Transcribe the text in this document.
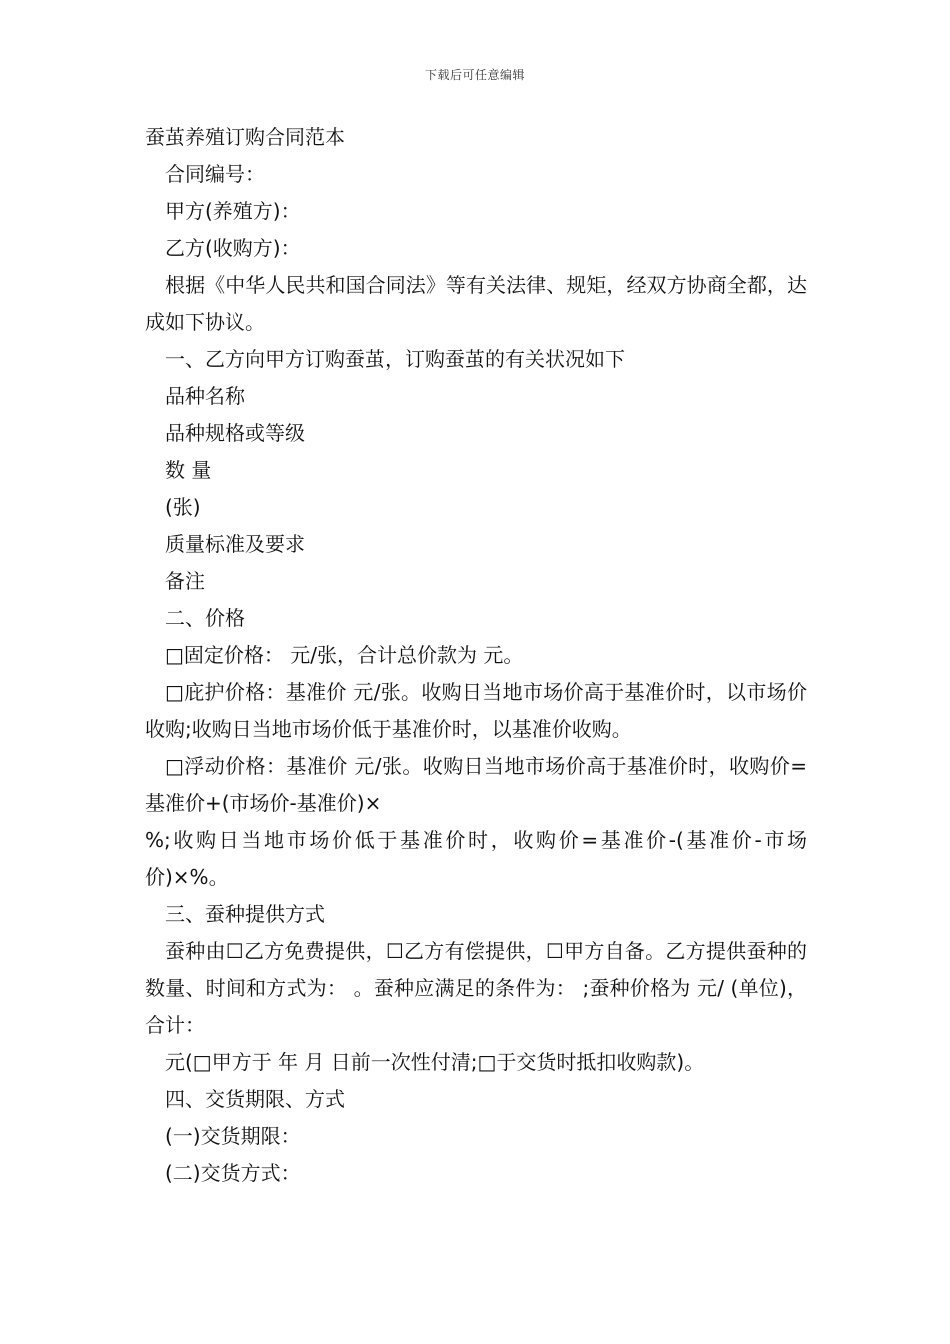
下载后可任意编辑

蚕茧养殖订购合同范本

合同编号：

甲方(养殖方)：

乙方(收购方)：

根据《中华人民共和国合同法》等有关法律、规矩，经双方协商全都，达成如下协议。

一、乙方向甲方订购蚕茧，订购蚕茧的有关状况如下

品种名称

品种规格或等级

数 量

(张)

质量标准及要求

备注

二、价格

□固定价格： 元/张，合计总价款为 元。

□庇护价格：基准价 元/张。收购日当地市场价高于基准价时，以市场价收购;收购日当地市场价低于基准价时，以基准价收购。

□浮动价格：基准价 元/张。收购日当地市场价高于基准价时，收购价=基准价+(市场价-基准价)×

%;收购日当地市场价低于基准价时，收购价=基准价-(基准价-市场价)×%。

三、蚕种提供方式

蚕种由☐乙方免费提供，☐乙方有偿提供，☐甲方自备。乙方提供蚕种的数量、时间和方式为： 。蚕种应满足的条件为： ;蚕种价格为 元/ (单位)，合计：

元(□甲方于 年 月 日前一次性付清;□于交货时抵扣收购款)。

四、交货期限、方式

(一)交货期限：

(二)交货方式：
